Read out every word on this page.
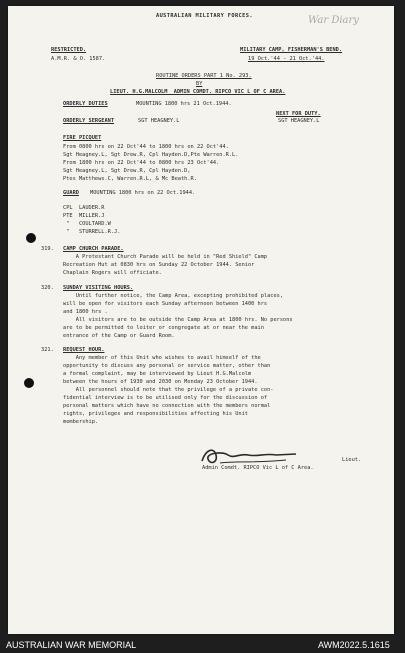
AUSTRALIAN MILITARY FORCES.	War Diary
RESTRICTED.
A.M.R. & O. 1587.
MILITARY CAMP, FISHERMAN'S BEND.
19 Oct.'44 - 21 Oct.'44.
ROUTINE ORDERS PART 1 No. 293.
BY
LIEUT. H.G.MALCOLM  ADMIN COMDT. RIPCO VIC L OF C AREA.
ORDERLY DUTIES	MOUNTING 1800 hrs 21 Oct.1944.
NEXT FOR DUTY.
ORDERLY SERGEANT	SGT HEAGNEY.L	SGT HEAGNEY.L
FIRE PICQUET
From 0800 hrs on 22 Oct'44 to 1800 hrs on 22 Oct'44.
Sgt Heagney.L, Sgt Drew.R, Cpl Hayden.D,Pte Warren.R.L.
From 1800 hrs on 22 Oct'44 to 0800 hrs 23 Oct'44.
Sgt Heagney.L, Sgt Drew.R, Cpl Hayden.D,
Ptes Matthews.C, Warren.R.L, & Mc Beath.R.
GUARD MOUNTING 1800 hrs on 22 Oct.1944.
CPL  LAUDER.R
PTE  MILLER.J
"   COULTARD.W
"   STURRELL.R.J.
319. CAMP CHURCH PARADE.
A Protestant Church Parade will be held in "Red Shield" Camp
Recreation Hut at 0830 hrs on Sunday 22 October 1944. Senior
Chaplain Rogers will officiate.
320. SUNDAY VISITING HOURS.
Until further notice, the Camp Area, excepting prohibited places,
will be open for visitors each Sunday afternoon between 1400 hrs
and 1800 hrs .
All visitors are to be outside the Camp Area at 1800 hrs. No persons
are to be permitted to loiter or congregate at or near the main
entrance of the Camp or Guard Room.
321. REQUEST HOUR.
Any member of this Unit who wishes to avail himself of the
opportunity to discuss any personal or service matter, other than
a formal complaint, may be interviewed by Lieut H.G.Malcolm
between the hours of 1930 and 2030 on Monday 23 October 1944.
All personnel should note that the privilege of a private con-
fidential interview is to be utilised only for the discussion of
personal matters which have no connection with the members normal
rights, privileges and responsibilities affecting his Unit
membership.
Lieut.
Admin Comdt. RIPCO Vic L of C Area.
AUSTRALIAN WAR MEMORIAL	AWM2022.5.1615
